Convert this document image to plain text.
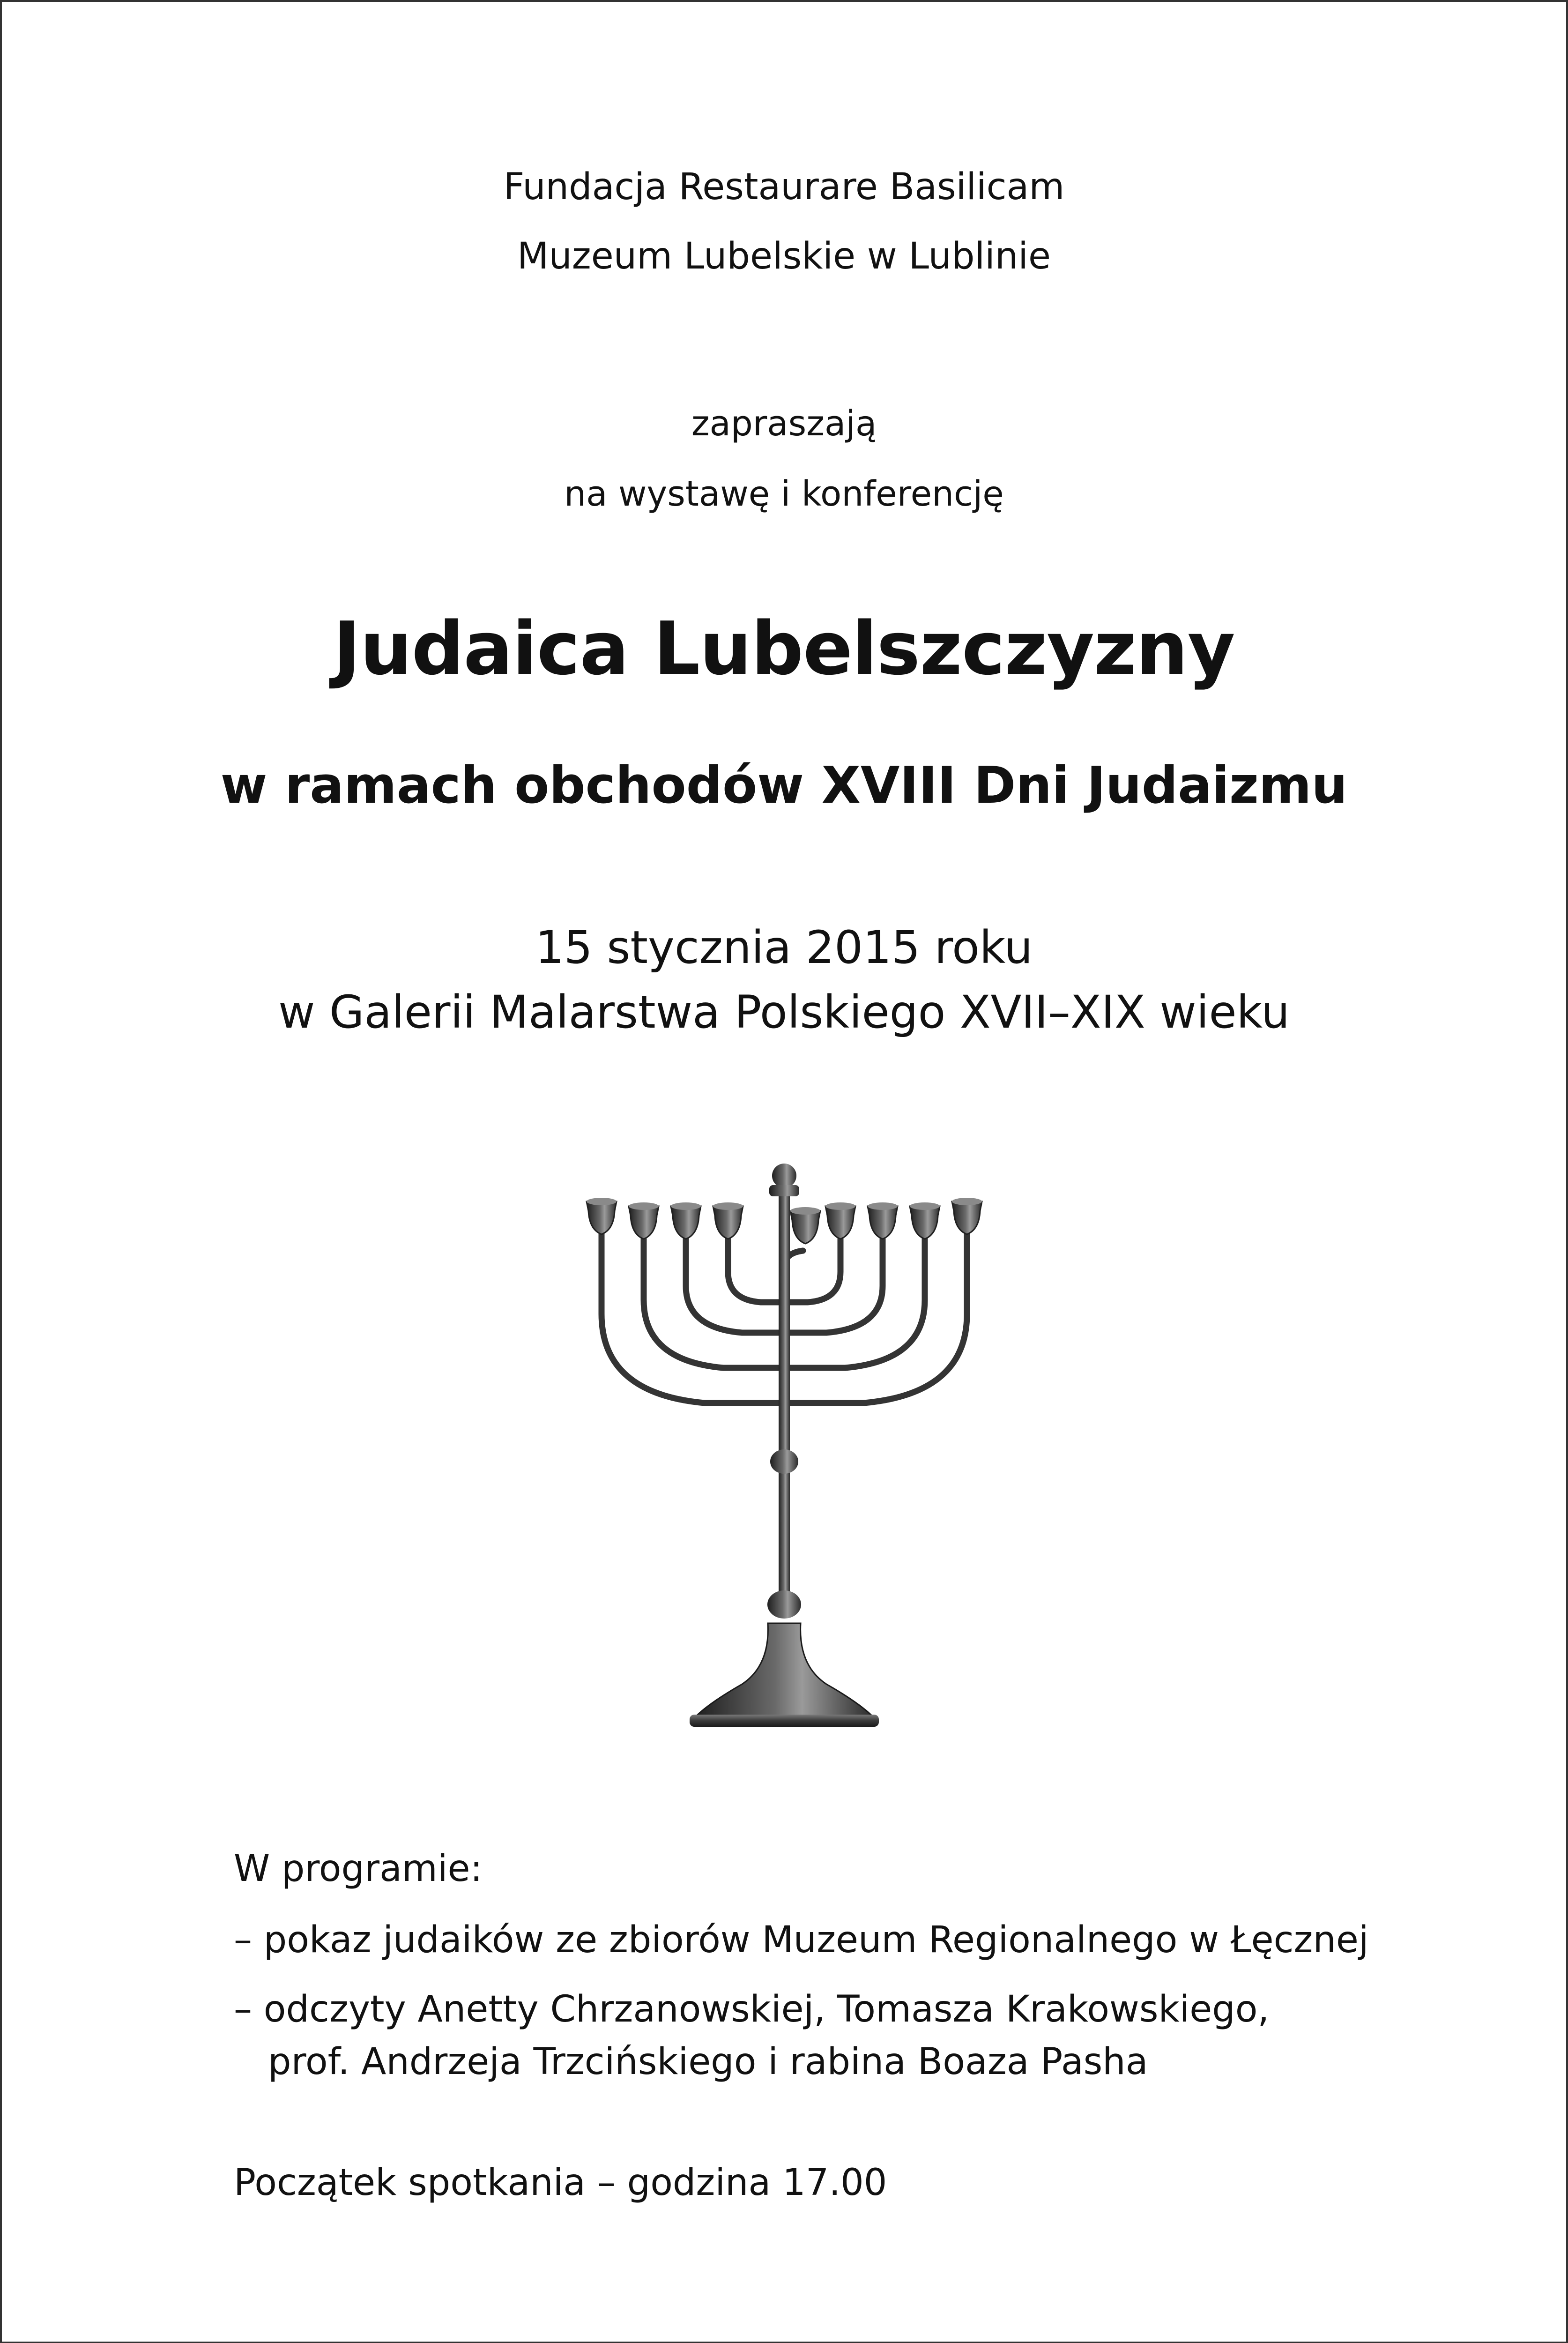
Fundacja Restaurare Basilicam
Muzeum Lubelskie w Lublinie
zapraszają
na wystawę i konferencję
Judaica Lubelszczyzny
w ramach obchodów XVIII Dni Judaizmu
15 stycznia 2015 roku
w Galerii Malarstwa Polskiego XVII–XIX wieku
W programie:
– pokaz judaików ze zbiorów Muzeum Regionalnego w Łęcznej
– odczyty Anetty Chrzanowskiej, Tomasza Krakowskiego,
prof. Andrzeja Trzcińskiego i rabina Boaza Pasha
Początek spotkania – godzina 17.00
